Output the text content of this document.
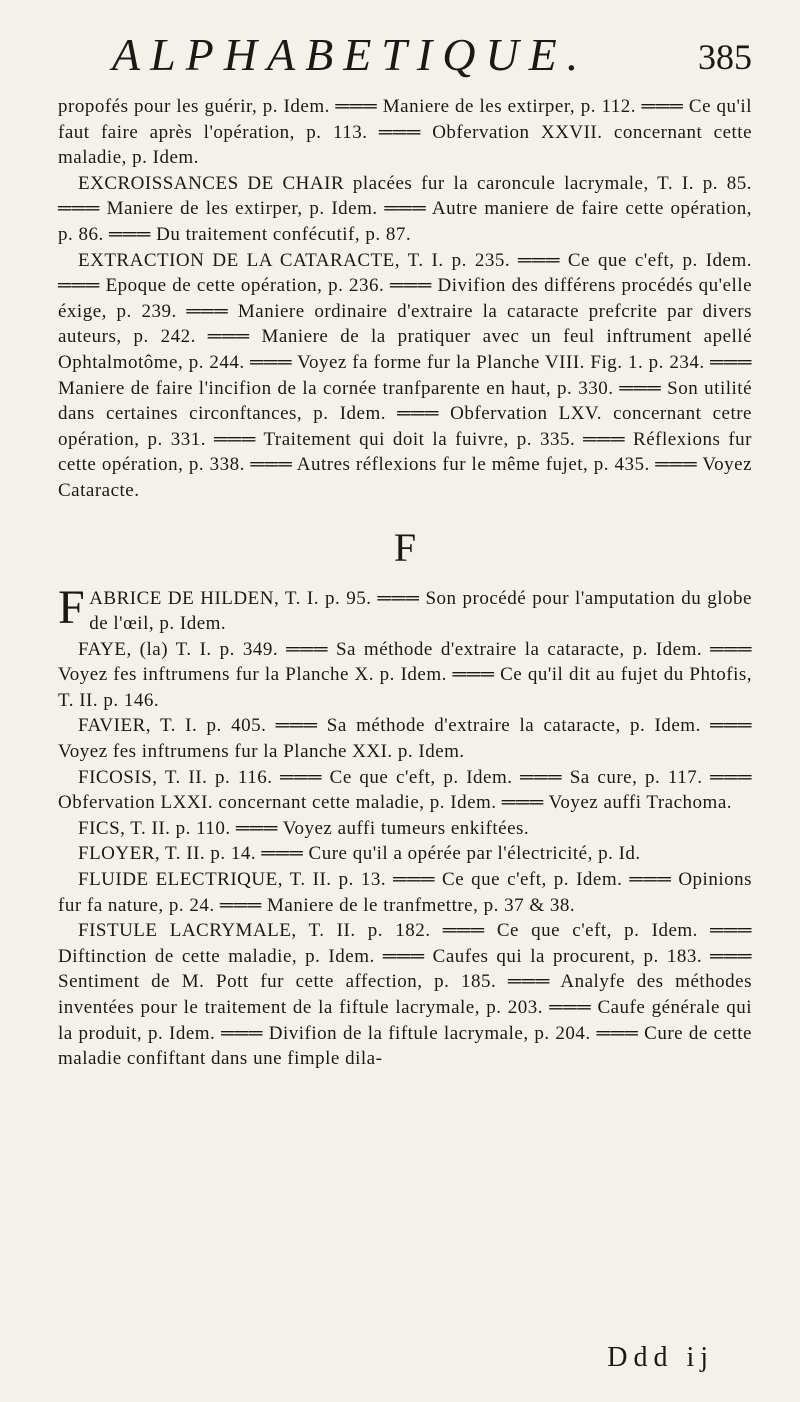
ALPHABETIQUE.	385

propofés pour les guérir, p. Idem. ═══ Maniere de les extirper, p. 112. ═══ Ce qu'il faut faire après l'opération, p. 113. ═══ Obfervation XXVII. concernant cette maladie, p. Idem.

EXCROISSANCES DE CHAIR placées fur la caroncule lacrymale, T. I. p. 85. ═══ Maniere de les extirper, p. Idem. ═══ Autre maniere de faire cette opération, p. 86. ═══ Du traitement confécutif, p. 87.

EXTRACTION DE LA CATARACTE, T. I. p. 235. ═══ Ce que c'eft, p. Idem. ═══ Epoque de cette opération, p. 236. ═══ Divifion des différens procédés qu'elle éxige, p. 239. ═══ Maniere ordinaire d'extraire la cataracte prefcrite par divers auteurs, p. 242. ═══ Maniere de la pratiquer avec un feul inftrument apellé Ophtalmotôme, p. 244. ═══ Voyez fa forme fur la Planche VIII. Fig. 1. p. 234. ═══ Maniere de faire l'incifion de la cornée tranfparente en haut, p. 330. ═══ Son utilité dans certaines circonftances, p. Idem. ═══ Obfervation LXV. concernant cetre opération, p. 331. ═══ Traitement qui doit la fuivre, p. 335. ═══ Réflexions fur cette opération, p. 338. ═══ Autres réflexions fur le même fujet, p. 435. ═══ Voyez Cataracte.

F

FABRICE DE HILDEN, T. I. p. 95. ═══ Son procédé pour l'amputation du globe de l'œil, p. Idem.

FAYE, (la) T. I. p. 349. ═══ Sa méthode d'extraire la cataracte, p. Idem. ═══ Voyez fes inftrumens fur la Planche X. p. Idem. ═══ Ce qu'il dit au fujet du Phtofis, T. II. p. 146.

FAVIER, T. I. p. 405. ═══ Sa méthode d'extraire la cataracte, p. Idem. ═══ Voyez fes inftrumens fur la Planche XXI. p. Idem.

FICOSIS, T. II. p. 116. ═══ Ce que c'eft, p. Idem. ═══ Sa cure, p. 117. ═══ Obfervation LXXI. concernant cette maladie, p. Idem. ═══ Voyez auffi Trachoma.

FICS, T. II. p. 110. ═══ Voyez auffi tumeurs enkiftées.

FLOYER, T. II. p. 14. ═══ Cure qu'il a opérée par l'électricité, p. Id.

FLUIDE ELECTRIQUE, T. II. p. 13. ═══ Ce que c'eft, p. Idem. ═══ Opinions fur fa nature, p. 24. ═══ Maniere de le tranfmettre, p. 37 & 38.

FISTULE LACRYMALE, T. II. p. 182. ═══ Ce que c'eft, p. Idem. ═══ Diftinction de cette maladie, p. Idem. ═══ Caufes qui la procurent, p. 183. ═══ Sentiment de M. Pott fur cette affection, p. 185. ═══ Analyfe des méthodes inventées pour le traitement de la fiftule lacrymale, p. 203. ═══ Caufe générale qui la produit, p. Idem. ═══ Divifion de la fiftule lacrymale, p. 204. ═══ Cure de cette maladie confiftant dans une fimple dila-

Ddd ij
